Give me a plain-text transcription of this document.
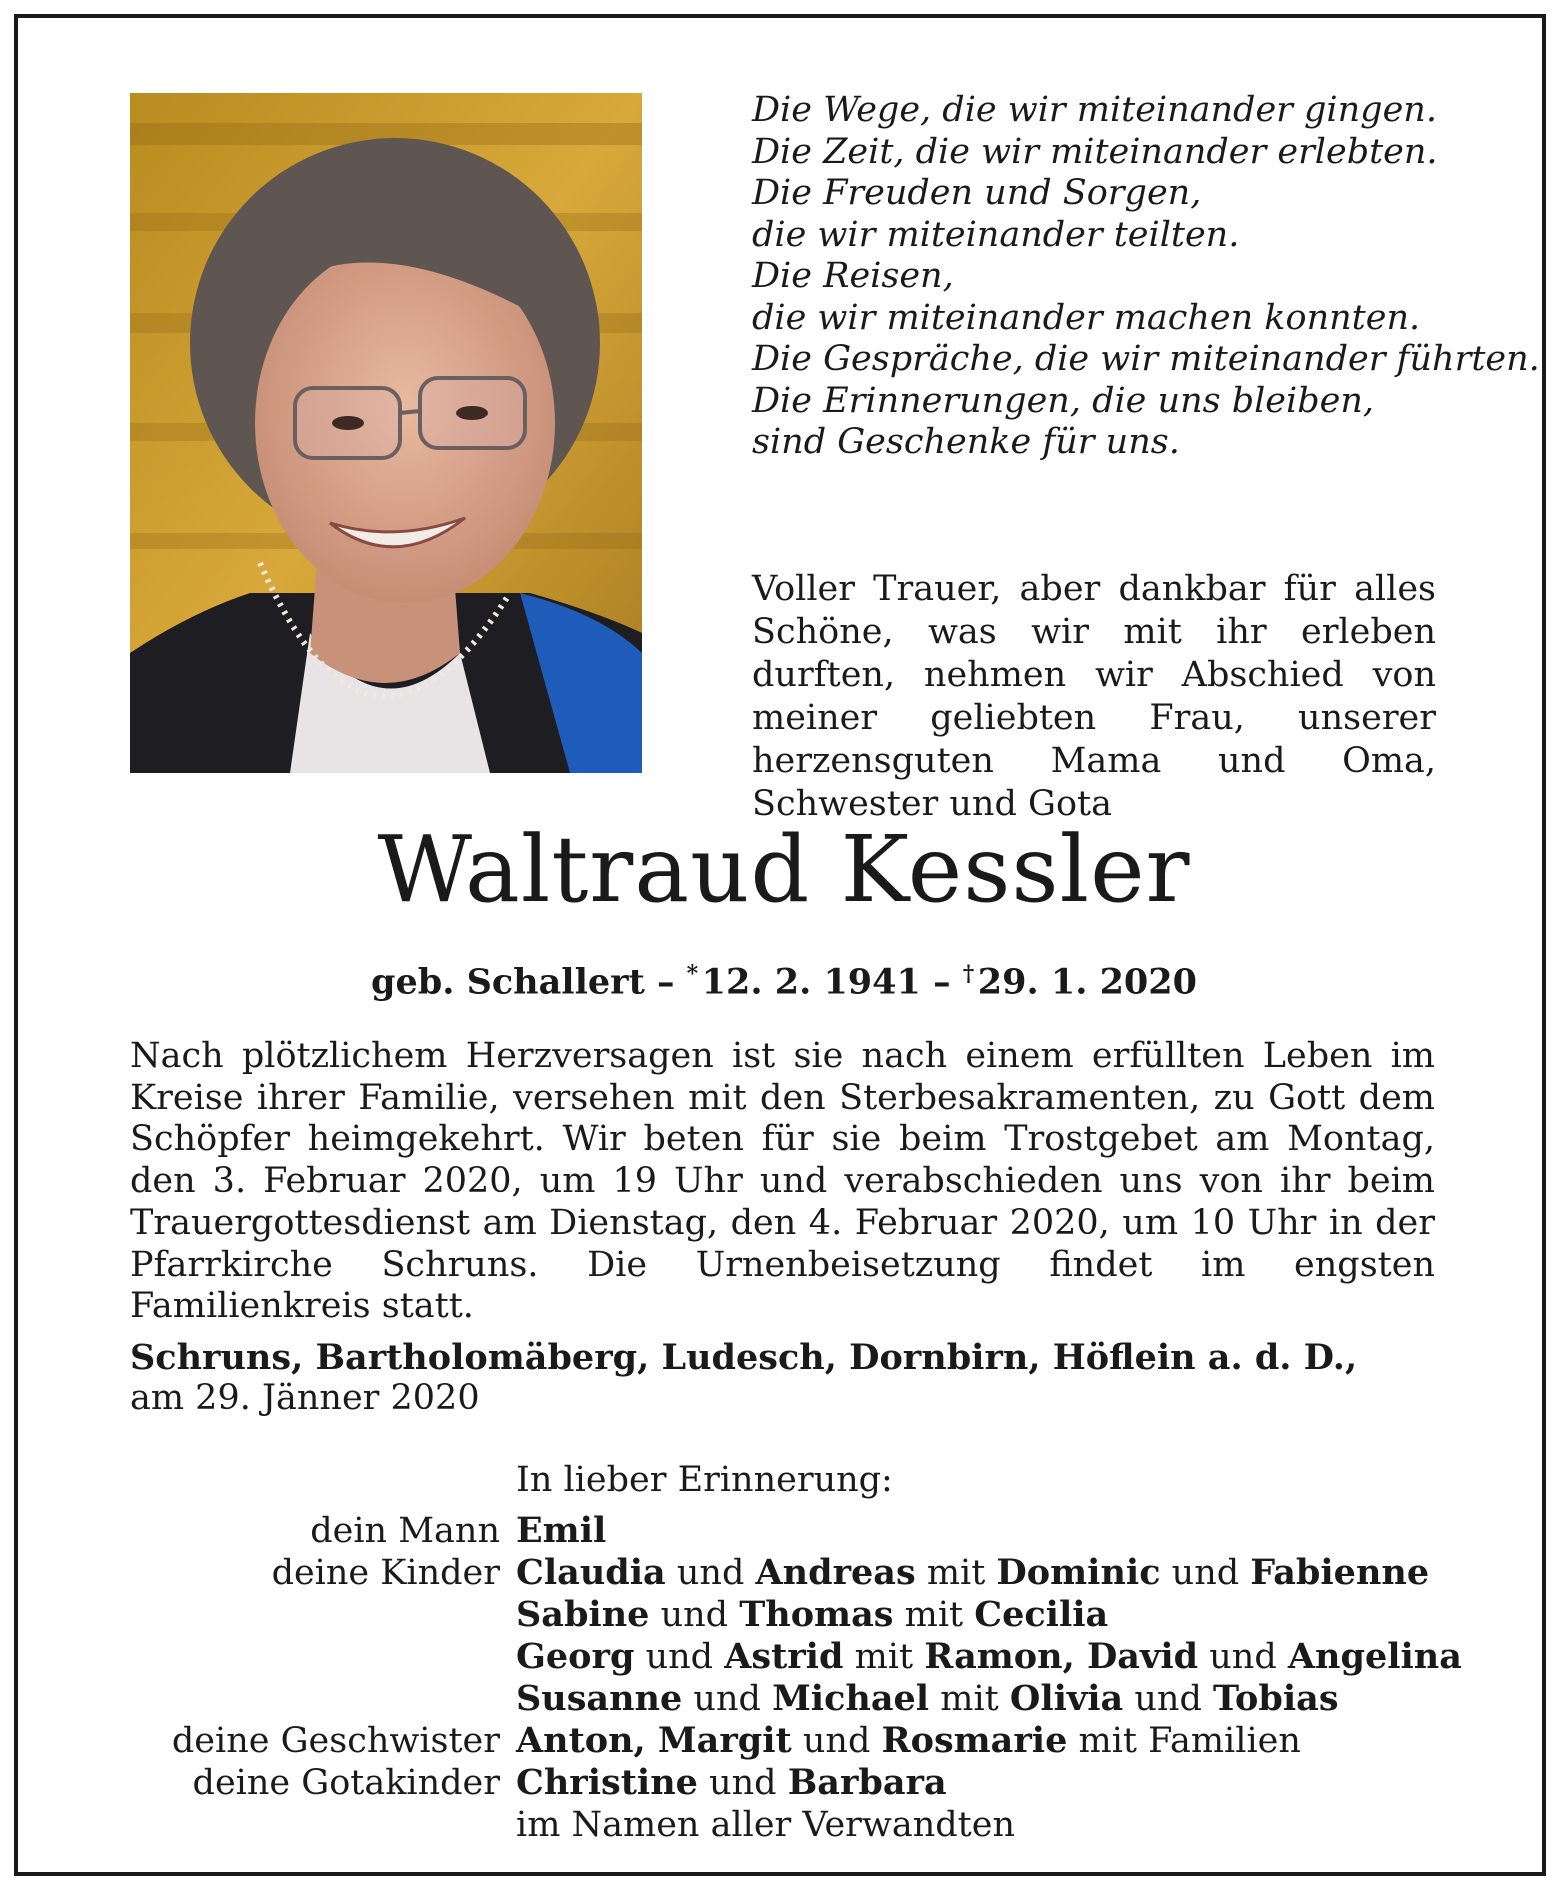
Die Wege, die wir miteinander gingen.
Die Zeit, die wir miteinander erlebten.
Die Freuden und Sorgen,
die wir miteinander teilten.
Die Reisen,
die wir miteinander machen konnten.
Die Gespräche, die wir miteinander führten.
Die Erinnerungen, die uns bleiben,
sind Geschenke für uns.
Voller Trauer, aber dankbar für alles Schöne, was wir mit ihr erleben durften, nehmen wir Abschied von meiner geliebten Frau, unserer herzensguten Mama und Oma, Schwester und Gota
Waltraud Kessler
geb. Schallert – *  12. 2. 1941 – †  29. 1. 2020
Nach plötzlichem Herzversagen ist sie nach einem erfüllten Leben im Kreise ihrer Familie, versehen mit den Sterbesakramenten, zu Gott dem Schöpfer heimgekehrt. Wir beten für sie beim Trostgebet am Montag, den 3. Februar 2020, um 19 Uhr und verabschieden uns von ihr beim Trauergottesdienst am Dienstag, den 4. Februar 2020, um 10 Uhr in der Pfarrkirche Schruns. Die Urnenbeisetzung findet im engsten Familienkreis statt.
Schruns, Bartholomäberg, Ludesch, Dornbirn, Höflein a. d. D.,
am 29. Jänner 2020
In lieber Erinnerung:
dein Mann Emil
deine Kinder Claudia und Andreas mit Dominic und Fabienne
Sabine und Thomas mit Cecilia
Georg und Astrid mit Ramon, David und Angelina
Susanne und Michael mit Olivia und Tobias
deine Geschwister Anton, Margit und Rosmarie mit Familien
deine Gotakinder Christine und Barbara
im Namen aller Verwandten
